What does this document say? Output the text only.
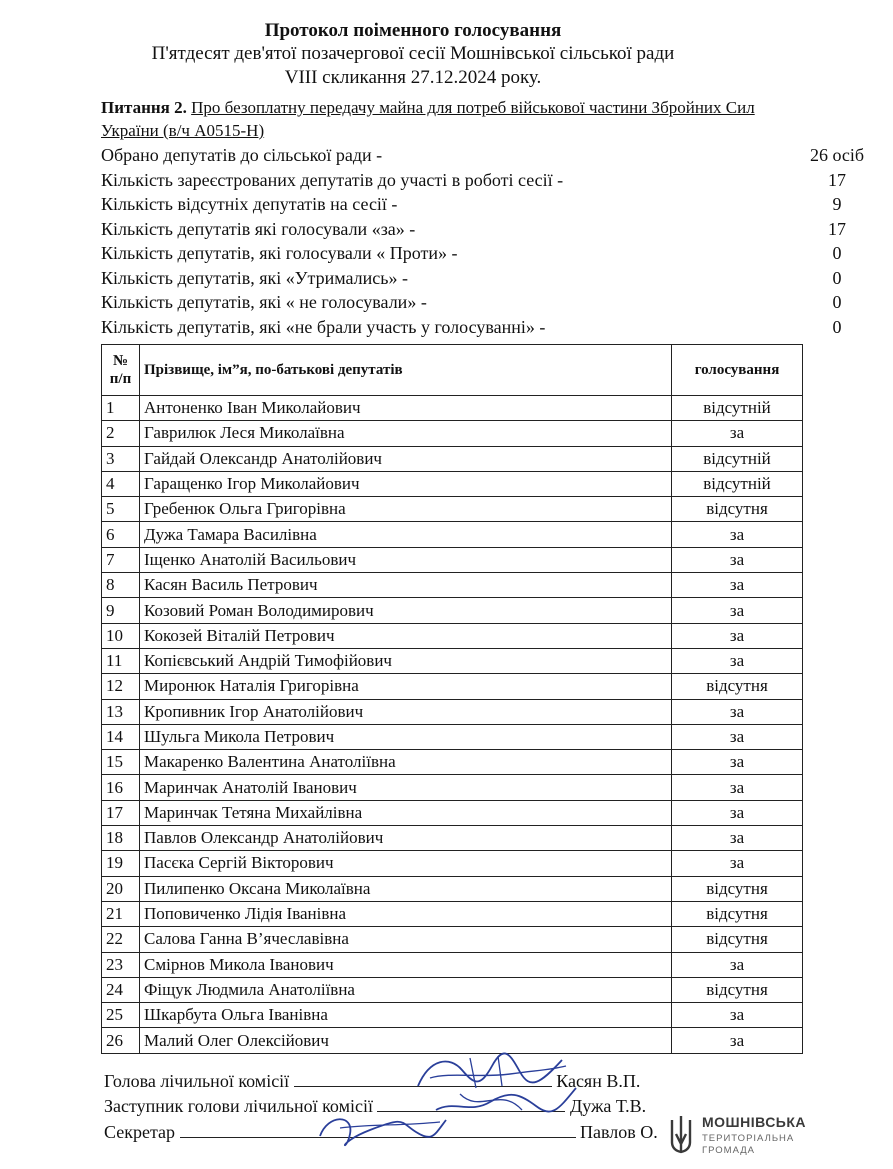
Протокол поіменного голосування
П'ятдесят дев'ятої позачергової сесії Мошнівської сільської ради
VIII скликання 27.12.2024 року.
Питання 2. Про безоплатну передачу майна для потреб військової частини Збройних Сил України (в/ч А0515-Н)
Обрано депутатів до сільської ради -	26 осіб
Кількість зареєстрованих депутатів до участі в роботі сесії -	17
Кількість відсутніх депутатів на сесії -	9
Кількість депутатів які голосували «за» -	17
Кількість депутатів, які голосували « Проти» -	0
Кількість депутатів, які «Утримались» -	0
Кількість депутатів, які « не голосували» -	0
Кількість депутатів, які «не брали участь у голосуванні» -	0
№
п/п	Прізвище, ім”я, по-батькові депутатів	голосування
1	Антоненко Іван Миколайович	відсутній
2	Гаврилюк Леся Миколаївна	за
3	Гайдай Олександр Анатолійович	відсутній
4	Гаращенко Ігор Миколайович	відсутній
5	Гребенюк Ольга Григорівна	відсутня
6	Дужа Тамара Василівна	за
7	Іщенко Анатолій Васильович	за
8	Касян Василь Петрович	за
9	Козовий Роман Володимирович	за
10	Кокозей Віталій Петрович	за
11	Копієвський Андрій Тимофійович	за
12	Миронюк Наталія Григорівна	відсутня
13	Кропивник Ігор Анатолійович	за
14	Шульга Микола Петрович	за
15	Макаренко Валентина Анатоліївна	за
16	Маринчак Анатолій Іванович	за
17	Маринчак Тетяна Михайлівна	за
18	Павлов Олександр Анатолійович	за
19	Пасєка Сергій Вікторович	за
20	Пилипенко Оксана Миколаївна	відсутня
21	Поповиченко Лідія Іванівна	відсутня
22	Салова Ганна В’ячеславівна	відсутня
23	Смірнов Микола Іванович	за
24	Фіщук Людмила Анатоліївна	відсутня
25	Шкарбута Ольга Іванівна	за
26	Малий Олег Олексійович	за
Голова лічильної комісії	Касян В.П.
Заступник голови лічильної комісії	Дужа Т.В.
Секретар	Павлов О.	МОШНІВСЬКА
ТЕРИТОРІАЛЬНА
ГРОМАДА
